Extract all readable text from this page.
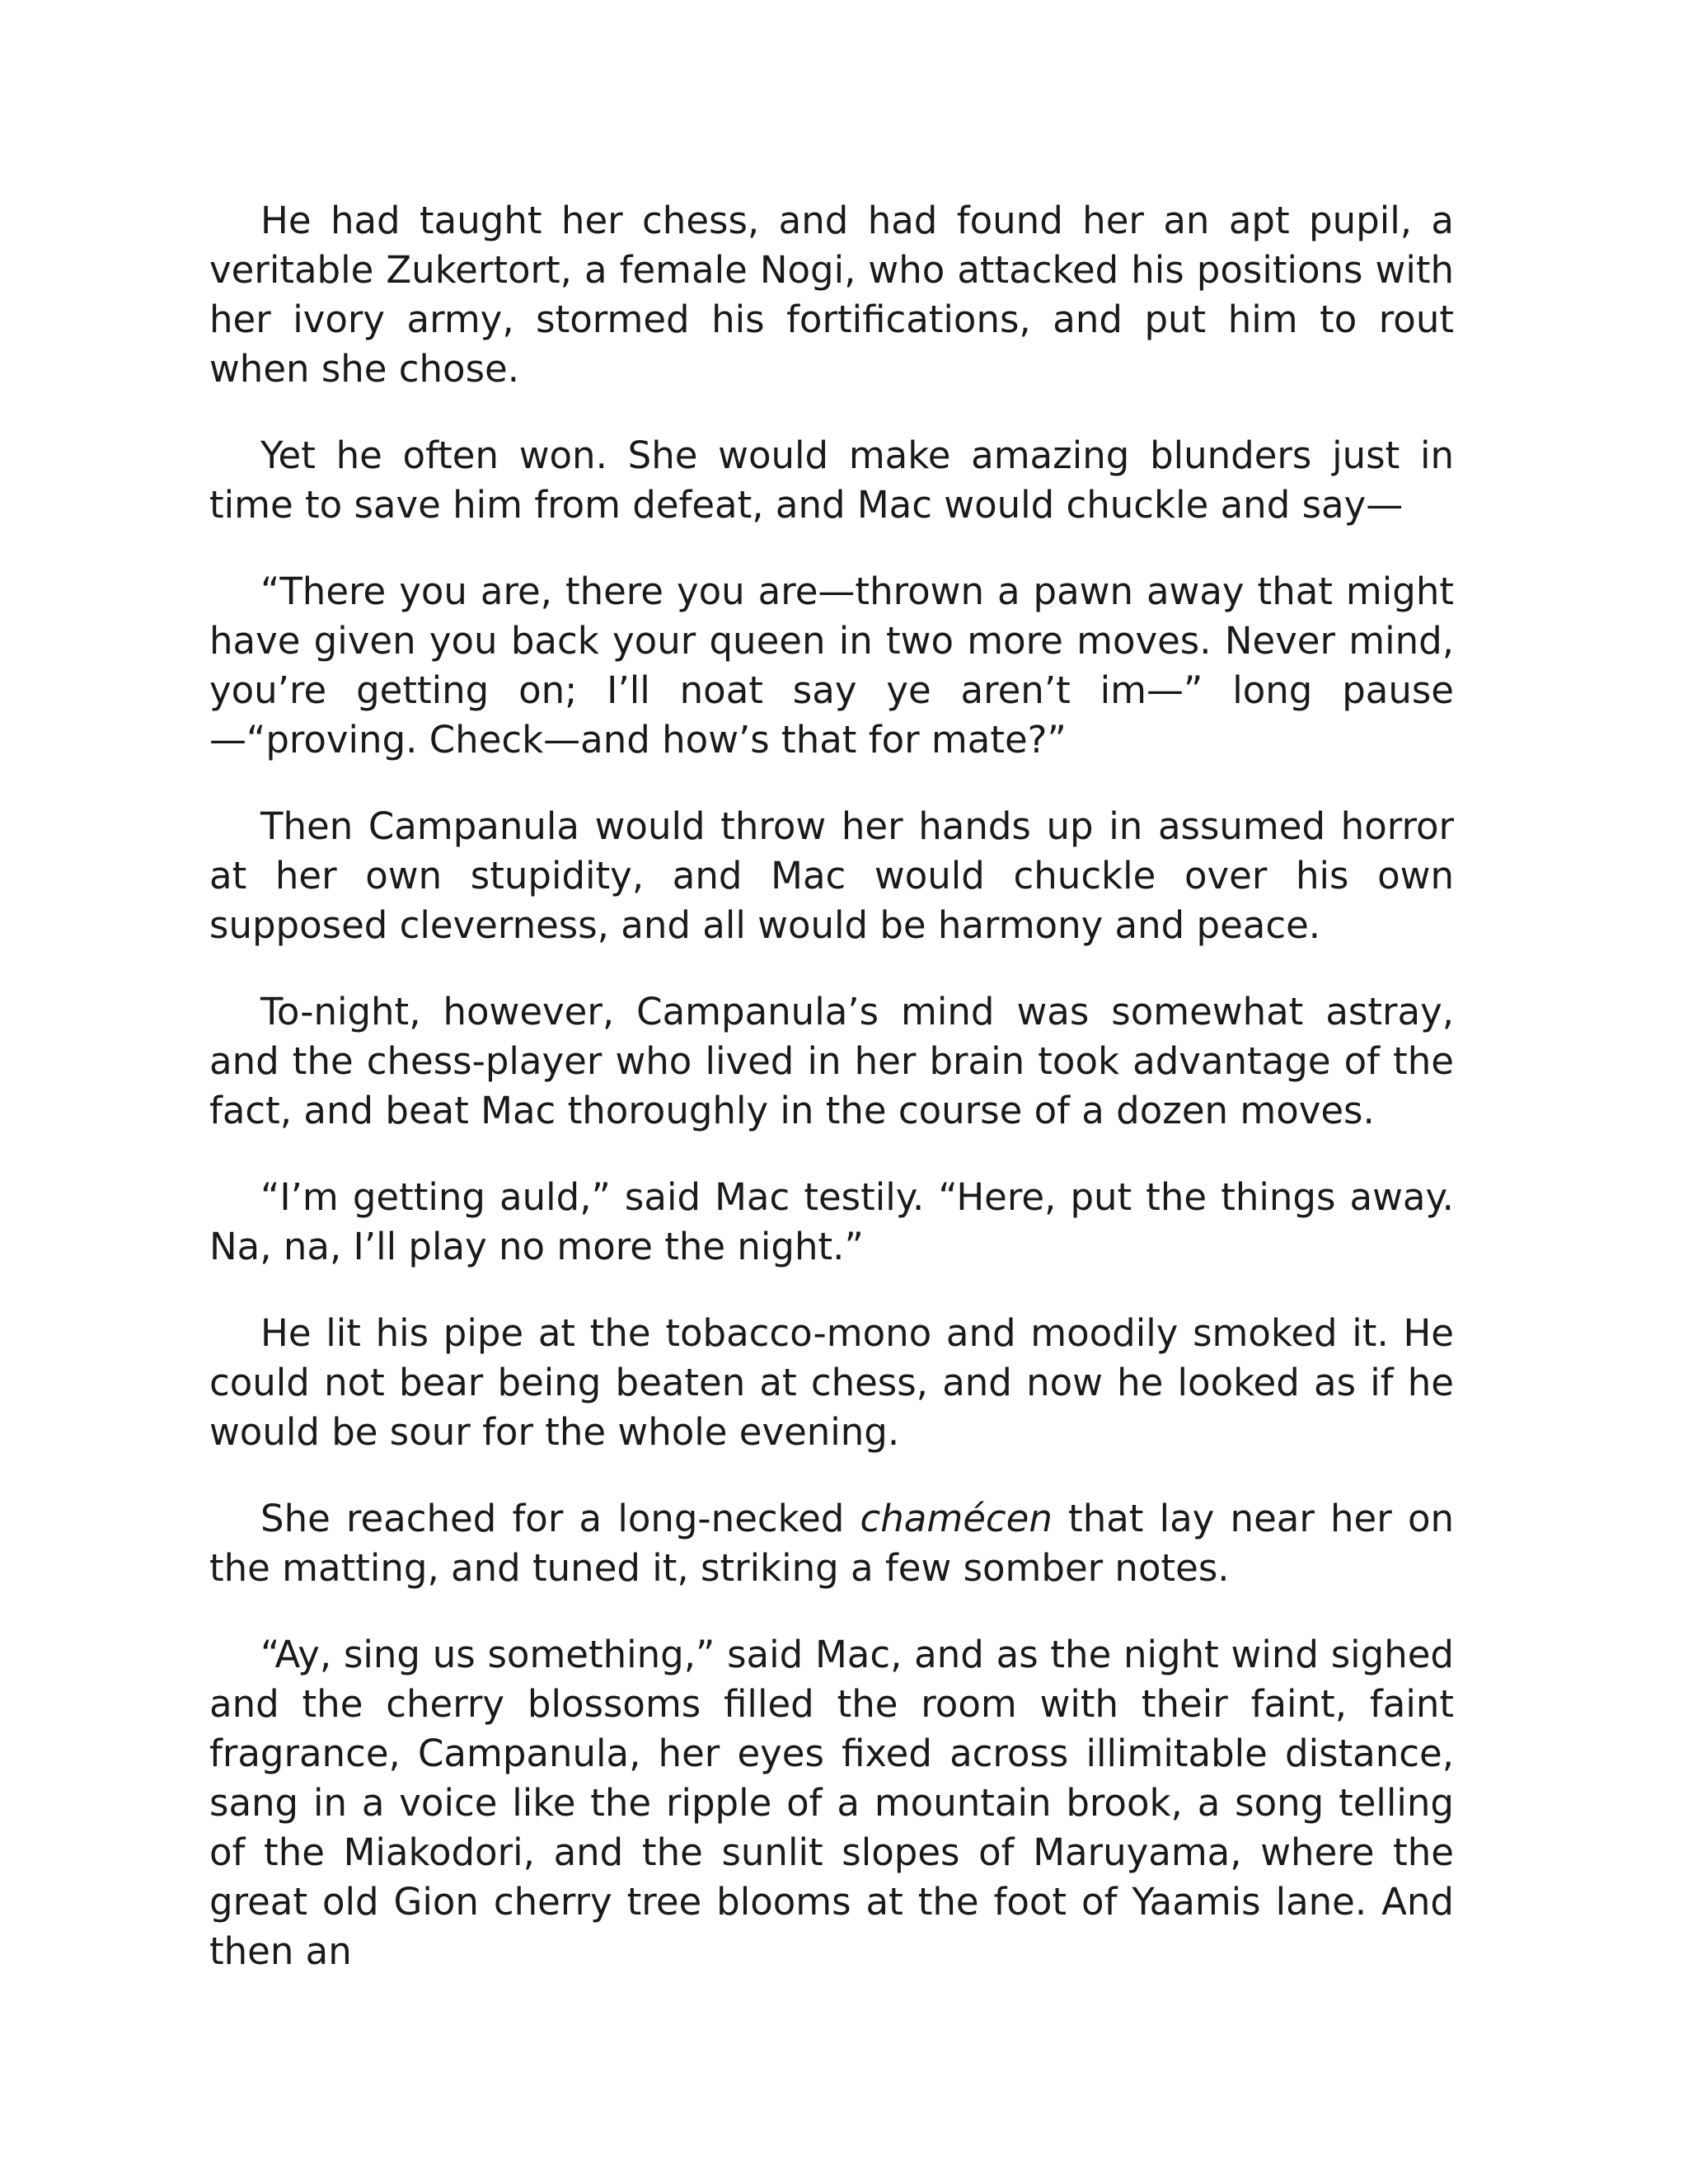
He had taught her chess, and had found her an apt pupil, a veritable Zukertort, a female Nogi, who attacked his positions with her ivory army, stormed his fortifications, and put him to rout when she chose.

Yet he often won. She would make amazing blunders just in time to save him from defeat, and Mac would chuckle and say—

“There you are, there you are—thrown a pawn away that might have given you back your queen in two more moves. Never mind, you’re getting on; I’ll noat say ye aren’t im—” long pause—“proving. Check—and how’s that for mate?”

Then Campanula would throw her hands up in assumed horror at her own stupidity, and Mac would chuckle over his own supposed cleverness, and all would be harmony and peace.

To-night, however, Campanula’s mind was somewhat astray, and the chess-player who lived in her brain took advantage of the fact, and beat Mac thoroughly in the course of a dozen moves.

“I’m getting auld,” said Mac testily. “Here, put the things away. Na, na, I’ll play no more the night.”

He lit his pipe at the tobacco-mono and moodily smoked it. He could not bear being beaten at chess, and now he looked as if he would be sour for the whole evening.

She reached for a long-necked chamécen that lay near her on the matting, and tuned it, striking a few somber notes.

“Ay, sing us something,” said Mac, and as the night wind sighed and the cherry blossoms filled the room with their faint, faint fragrance, Campanula, her eyes fixed across illimitable distance, sang in a voice like the ripple of a mountain brook, a song telling of the Miakodori, and the sunlit slopes of Maruyama, where the great old Gion cherry tree blooms at the foot of Yaamis lane. And then an
